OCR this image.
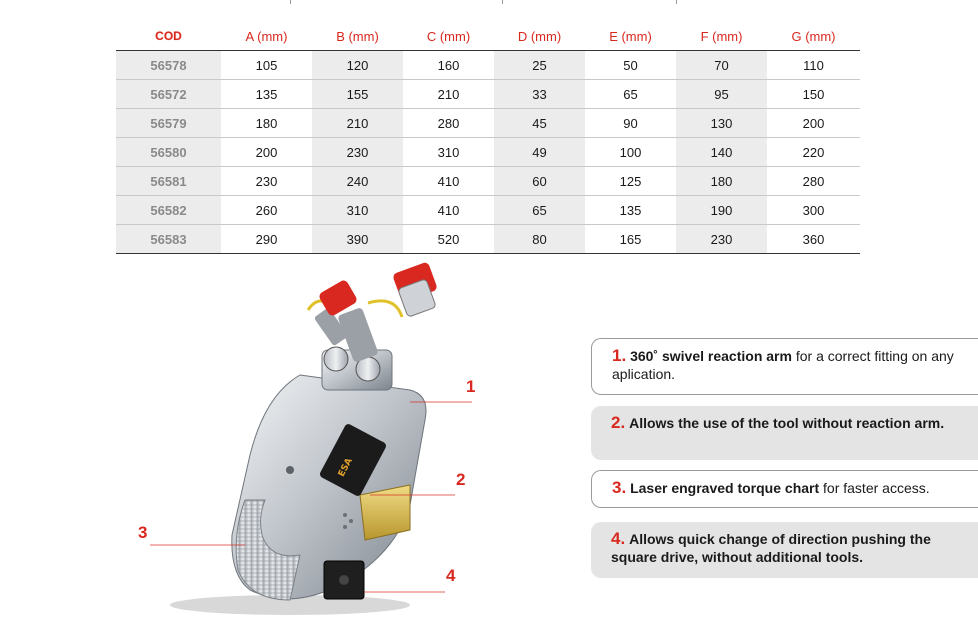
COD	A (mm)	B (mm)	C (mm)	D (mm)	E (mm)	F (mm)	G (mm)
56578	105	120	160	25	50	70	110
56572	135	155	210	33	65	95	150
56579	180	210	280	45	90	130	200
56580	200	230	310	49	100	140	220
56581	230	240	410	60	125	180	280
56582	260	310	410	65	135	190	300
56583	290	390	520	80	165	230	360
ESA
1
2
3
4
1. 360˚ swivel reaction arm for a correct fitting on any aplication.
2. Allows the use of the tool without reaction arm.
3. Laser engraved torque chart for faster access.
4. Allows quick change of direction pushing the square drive, without additional tools.
